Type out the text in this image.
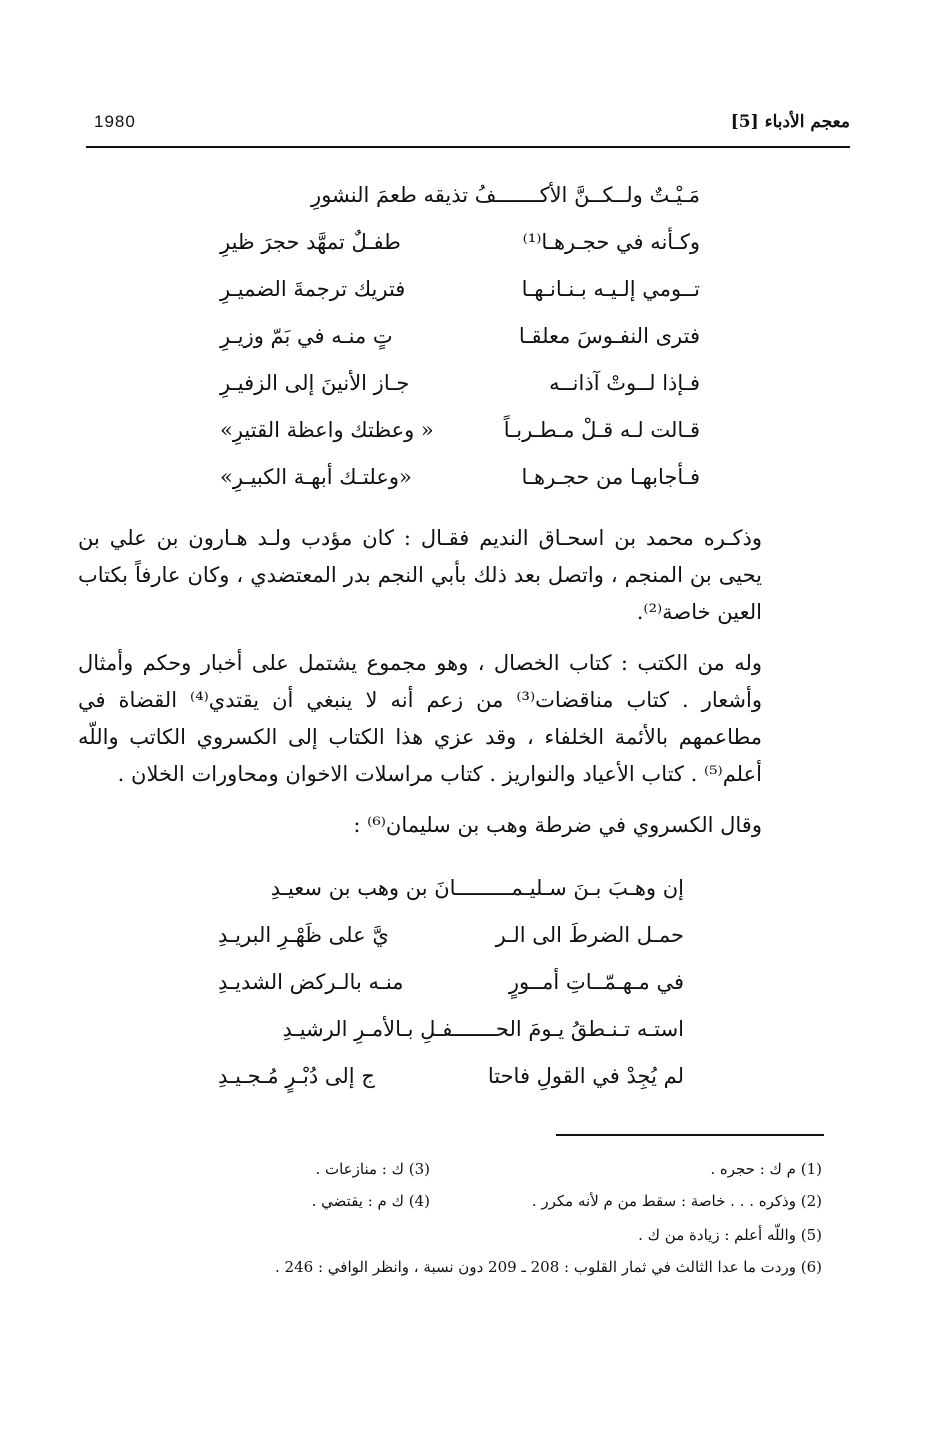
معجم الأدباء [5]
1980
مَـيْـتٌ ولــكــنَّ الأكـــــــفُ تذيقه طعمَ النشورِ
وكـأنه في حجـرهـا⁽¹⁾
طفـلٌ تمهَّد حجرَ ظيرِ
تــومي إلـيـه بـنـانـهـا
فتريك ترجمةَ الضميـرِ
فترى النفـوسَ معلقـا
تٍ منـه في بَمّ وزيـرِ
فـإذا لــوتْ آذانــه
جـاز الأنينَ إلى الزفيـرِ
قـالت لـه قـلْ مـطـربـاً
« وعظتك واعظة القتيرِ»
فـأجابهـا من حجـرهـا
«وعلتـك أبهـة الكبيـرِ»

وذكـره محمد بن اسحـاق النديم فقـال : كان مؤدب ولـد هـارون بن علي بن يحيى بن المنجم ، واتصل بعد ذلك بأبي النجم بدر المعتضدي ، وكان عارفاً بكتاب العين خاصة⁽²⁾.

وله من الكتب : كتاب الخصال ، وهو مجموع يشتمل على أخبار وحكم وأمثال وأشعار . كتاب مناقضات⁽³⁾ من زعم أنه لا ينبغي أن يقتدي⁽⁴⁾ القضاة في مطاعمهم بالأئمة الخلفاء ، وقد عزي هذا الكتاب إلى الكسروي الكاتب واللّه أعلم⁽⁵⁾ . كتاب الأعياد والنواريز . كتاب مراسلات الاخوان ومحاورات الخلان .

وقال الكسروي في ضرطة وهب بن سليمان⁽⁶⁾ :

إن وهـبَ بـنَ سـليـمـــــــــانَ بن وهب بن سعيـدِ
حمـل الضرطَ الى الـر
يَّ على ظَهْـرِ البريـدِ
في مـهـمّــاتِ أمــورٍ
منـه بالـركض الشديـدِ
استـه تـنـطقُ يـومَ الحـــــــفـلِ بـالأمـرِ الرشيـدِ
لم يُجِدْ في القولِ فاحتا
ج إلى دُبْـرٍ مُـجـيـدِ
(1) م ك : حجره .
(3) ك : منازعات .
(2) وذكره . . . خاصة : سقط من م لأنه مكرر .
(4) ك م : يقتضي .
(5) واللّه أعلم : زيادة من ك .
(6) وردت ما عدا الثالث في ثمار القلوب : 208 ـ 209 دون نسبة ، وانظر الوافي : 246 .
